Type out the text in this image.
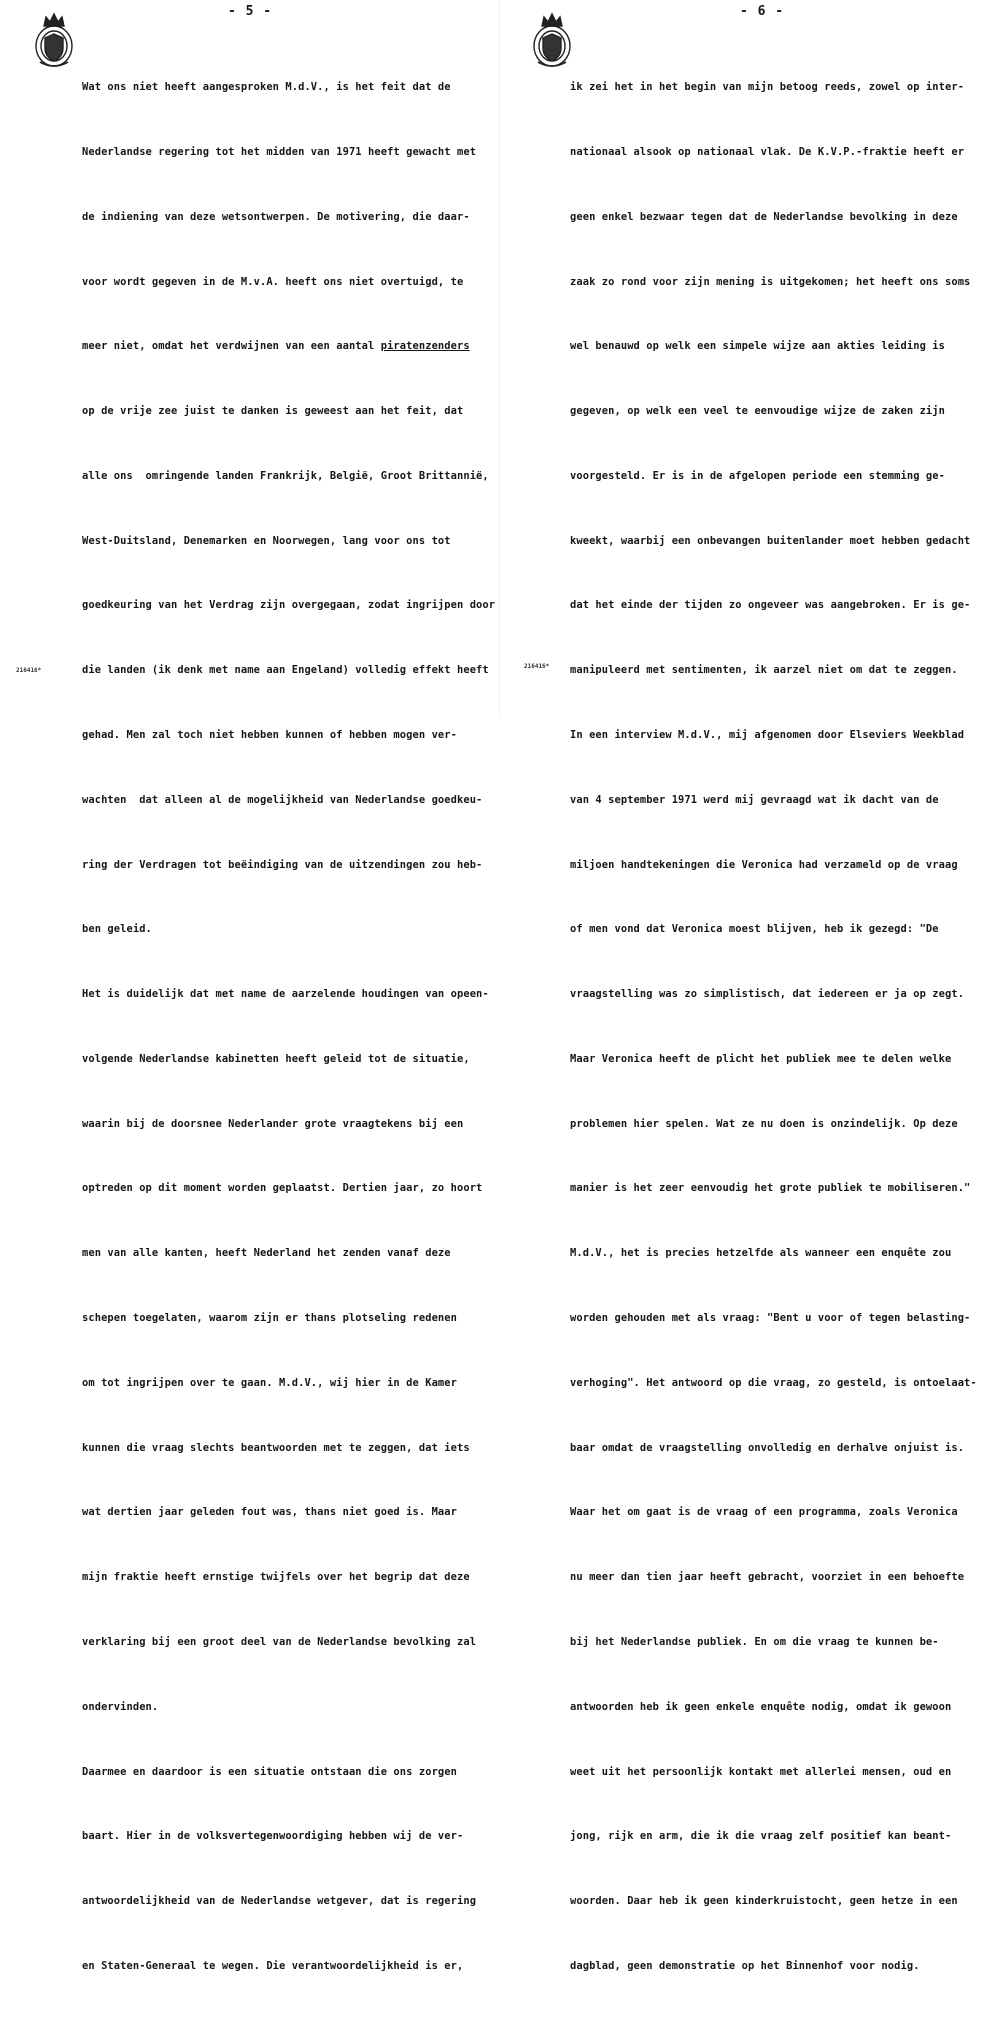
- 5 -

Wat ons niet heeft aangesproken M.d.V., is het feit dat de

Nederlandse regering tot het midden van 1971 heeft gewacht met

de indiening van deze wetsontwerpen. De motivering, die daar-

voor wordt gegeven in de M.v.A. heeft ons niet overtuigd, te

meer niet, omdat het verdwijnen van een aantal piratenzenders

op de vrije zee juist te danken is geweest aan het feit, dat

alle ons  omringende landen Frankrijk, België, Groot Brittannië,

West-Duitsland, Denemarken en Noorwegen, lang voor ons tot

goedkeuring van het Verdrag zijn overgegaan, zodat ingrijpen door

die landen (ik denk met name aan Engeland) volledig effekt heeft

gehad. Men zal toch niet hebben kunnen of hebben mogen ver-

wachten  dat alleen al de mogelijkheid van Nederlandse goedkeu-

ring der Verdragen tot beëindiging van de uitzendingen zou heb-

ben geleid.

Het is duidelijk dat met name de aarzelende houdingen van opeen-

volgende Nederlandse kabinetten heeft geleid tot de situatie,

waarin bij de doorsnee Nederlander grote vraagtekens bij een

optreden op dit moment worden geplaatst. Dertien jaar, zo hoort

men van alle kanten, heeft Nederland het zenden vanaf deze

schepen toegelaten, waarom zijn er thans plotseling redenen

om tot ingrijpen over te gaan. M.d.V., wij hier in de Kamer

kunnen die vraag slechts beantwoorden met te zeggen, dat iets

wat dertien jaar geleden fout was, thans niet goed is. Maar

mijn fraktie heeft ernstige twijfels over het begrip dat deze

verklaring bij een groot deel van de Nederlandse bevolking zal

ondervinden.

Daarmee en daardoor is een situatie ontstaan die ons zorgen

baart. Hier in de volksvertegenwoordiging hebben wij de ver-

antwoordelijkheid van de Nederlandse wetgever, dat is regering

en Staten-Generaal te wegen. Die verantwoordelijkheid is er,

216416*
- 6 -

ik zei het in het begin van mijn betoog reeds, zowel op inter-

nationaal alsook op nationaal vlak. De K.V.P.-fraktie heeft er

geen enkel bezwaar tegen dat de Nederlandse bevolking in deze

zaak zo rond voor zijn mening is uitgekomen; het heeft ons soms

wel benauwd op welk een simpele wijze aan akties leiding is

gegeven, op welk een veel te eenvoudige wijze de zaken zijn

voorgesteld. Er is in de afgelopen periode een stemming ge-

kweekt, waarbij een onbevangen buitenlander moet hebben gedacht

dat het einde der tijden zo ongeveer was aangebroken. Er is ge-

manipuleerd met sentimenten, ik aarzel niet om dat te zeggen.

In een interview M.d.V., mij afgenomen door Elseviers Weekblad

van 4 september 1971 werd mij gevraagd wat ik dacht van de

miljoen handtekeningen die Veronica had verzameld op de vraag

of men vond dat Veronica moest blijven, heb ik gezegd: "De

vraagstelling was zo simplistisch, dat iedereen er ja op zegt.

Maar Veronica heeft de plicht het publiek mee te delen welke

problemen hier spelen. Wat ze nu doen is onzindelijk. Op deze

manier is het zeer eenvoudig het grote publiek te mobiliseren."

M.d.V., het is precies hetzelfde als wanneer een enquête zou

worden gehouden met als vraag: "Bent u voor of tegen belasting-

verhoging". Het antwoord op die vraag, zo gesteld, is ontoelaat-

baar omdat de vraagstelling onvolledig en derhalve onjuist is.

Waar het om gaat is de vraag of een programma, zoals Veronica

nu meer dan tien jaar heeft gebracht, voorziet in een behoefte

bij het Nederlandse publiek. En om die vraag te kunnen be-

antwoorden heb ik geen enkele enquête nodig, omdat ik gewoon

weet uit het persoonlijk kontakt met allerlei mensen, oud en

jong, rijk en arm, die ik die vraag zelf positief kan beant-

woorden. Daar heb ik geen kinderkruistocht, geen hetze in een

dagblad, geen demonstratie op het Binnenhof voor nodig.

216416*
